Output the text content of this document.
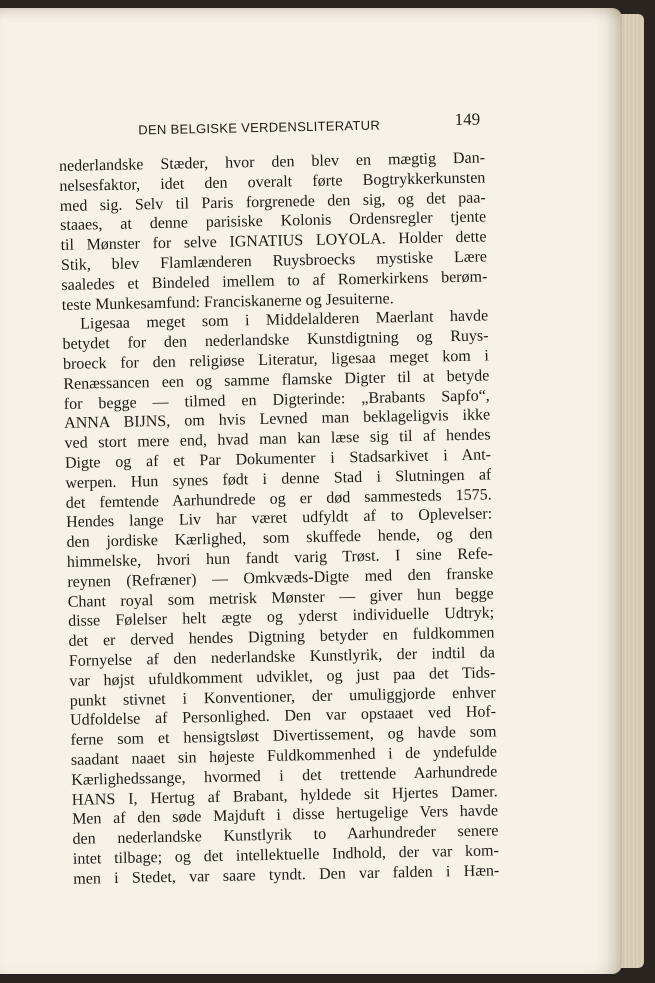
DEN BELGISKE VERDENSLITERATUR	149
nederlandske Stæder, hvor den blev en mægtig Dan-
nelsesfaktor, idet den overalt førte Bogtrykkerkunsten
med sig. Selv til Paris forgrenede den sig, og det paa-
staaes, at denne parisiske Kolonis Ordensregler tjente
til Mønster for selve IGNATIUS LOYOLA. Holder dette
Stik, blev Flamlænderen Ruysbroecks mystiske Lære
saaledes et Bindeled imellem to af Romerkirkens berøm-
teste Munkesamfund: Franciskanerne og Jesuiterne.
Ligesaa meget som i Middelalderen Maerlant havde
betydet for den nederlandske Kunstdigtning og Ruys-
broeck for den religiøse Literatur, ligesaa meget kom i
Renæssancen een og samme flamske Digter til at betyde
for begge — tilmed en Digterinde: „Brabants Sapfo“,
ANNA BIJNS, om hvis Levned man beklageligvis ikke
ved stort mere end, hvad man kan læse sig til af hendes
Digte og af et Par Dokumenter i Stadsarkivet i Ant-
werpen. Hun synes født i denne Stad i Slutningen af
det femtende Aarhundrede og er død sammesteds 1575.
Hendes lange Liv har været udfyldt af to Oplevelser:
den jordiske Kærlighed, som skuffede hende, og den
himmelske, hvori hun fandt varig Trøst. I sine Refe-
reynen (Refræner) — Omkvæds-Digte med den franske
Chant royal som metrisk Mønster — giver hun begge
disse Følelser helt ægte og yderst individuelle Udtryk;
det er derved hendes Digtning betyder en fuldkommen
Fornyelse af den nederlandske Kunstlyrik, der indtil da
var højst ufuldkomment udviklet, og just paa det Tids-
punkt stivnet i Konventioner, der umuliggjorde enhver
Udfoldelse af Personlighed. Den var opstaaet ved Hof-
ferne som et hensigtsløst Divertissement, og havde som
saadant naaet sin højeste Fuldkommenhed i de yndefulde
Kærlighedssange, hvormed i det trettende Aarhundrede
HANS I, Hertug af Brabant, hyldede sit Hjertes Damer.
Men af den søde Majduft i disse hertugelige Vers havde
den nederlandske Kunstlyrik to Aarhundreder senere
intet tilbage; og det intellektuelle Indhold, der var kom-
men i Stedet, var saare tyndt. Den var falden i Hæn-
